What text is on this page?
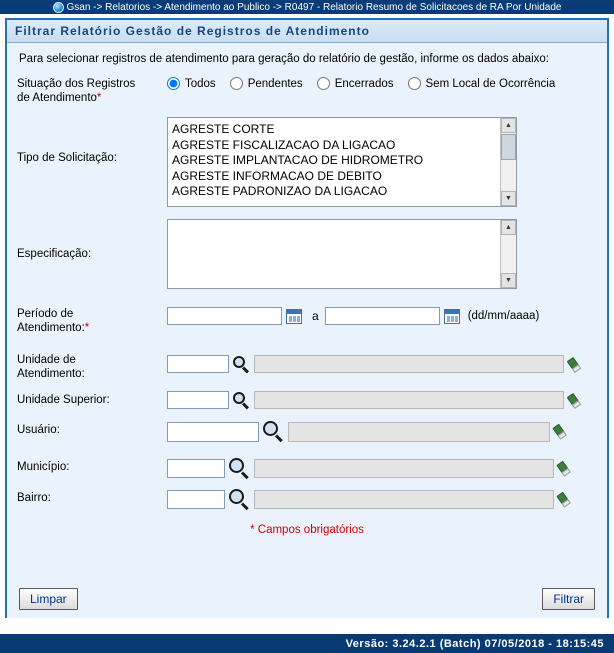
Gsan -> Relatorios -> Atendimento ao Publico -> R0497 - Relatorio Resumo de Solicitacoes de RA Por Unidade
Filtrar Relatório Gestão de Registros de Atendimento
Para selecionar registros de atendimento para geração do relatório de gestão, informe os dados abaixo:
Situação dos Registros
de Atendimento*
Todos	Pendentes	Encerrados	Sem Local de Ocorrência
Tipo de Solicitação:
AGRESTE CORTE
AGRESTE FISCALIZACAO DA LIGACAO
AGRESTE IMPLANTACAO DE HIDROMETRO
AGRESTE INFORMACAO DE DEBITO
AGRESTE PADRONIZAO DA LIGACAO
▲
▼
Especificação:
▲
▼
Período de
Atendimento:*
a	(dd/mm/aaaa)
Unidade de
Atendimento:
Unidade Superior:
Usuário:
Município:
Bairro:
* Campos obrigatórios
Limpar	Filtrar
Versão: 3.24.2.1 (Batch) 07/05/2018 - 18:15:45
